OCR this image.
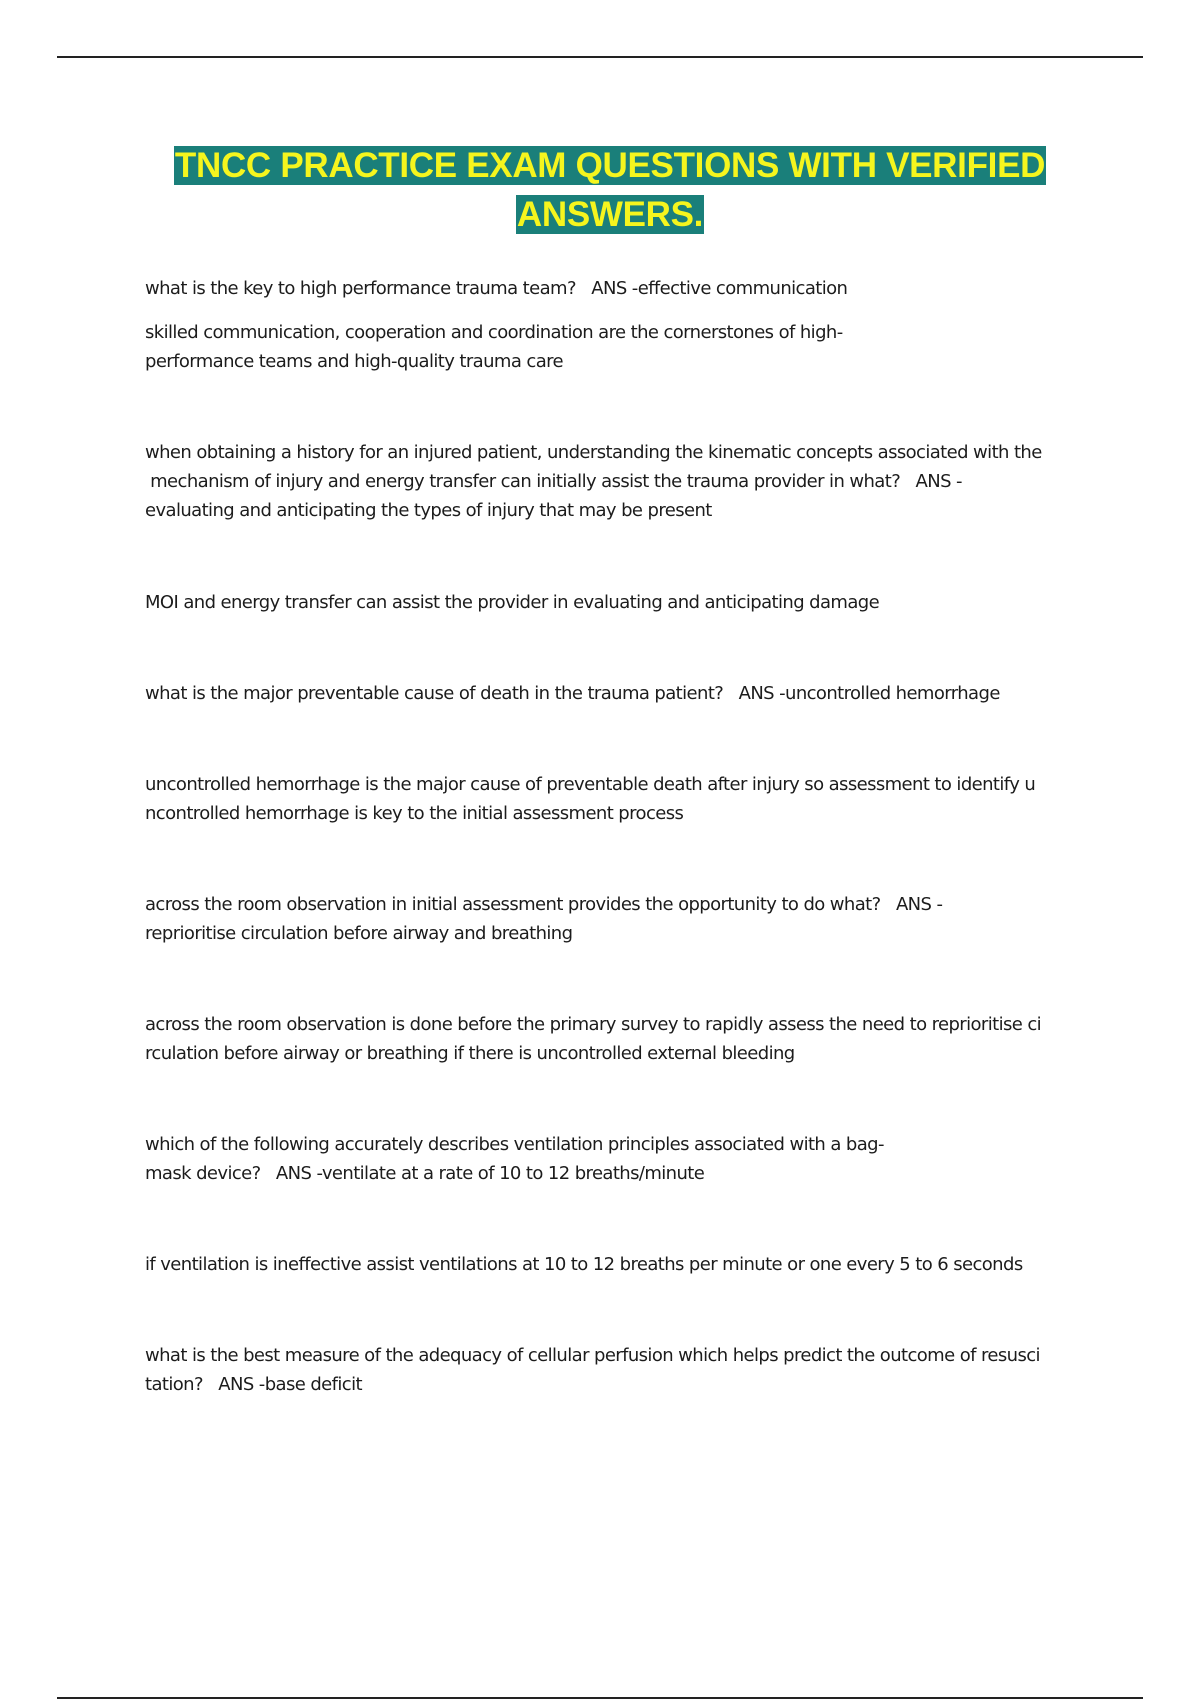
TNCC PRACTICE EXAM QUESTIONS WITH VERIFIED
ANSWERS.

what is the key to high performance trauma team?   ANS -effective communication

skilled communication, cooperation and coordination are the cornerstones of high-
performance teams and high-quality trauma care

when obtaining a history for an injured patient, understanding the kinematic concepts associated with the
mechanism of injury and energy transfer can initially assist the trauma provider in what?   ANS -
evaluating and anticipating the types of injury that may be present

MOI and energy transfer can assist the provider in evaluating and anticipating damage

what is the major preventable cause of death in the trauma patient?   ANS -uncontrolled hemorrhage

uncontrolled hemorrhage is the major cause of preventable death after injury so assessment to identify u
ncontrolled hemorrhage is key to the initial assessment process

across the room observation in initial assessment provides the opportunity to do what?   ANS -
reprioritise circulation before airway and breathing

across the room observation is done before the primary survey to rapidly assess the need to reprioritise ci
rculation before airway or breathing if there is uncontrolled external bleeding

which of the following accurately describes ventilation principles associated with a bag-
mask device?   ANS -ventilate at a rate of 10 to 12 breaths/minute

if ventilation is ineffective assist ventilations at 10 to 12 breaths per minute or one every 5 to 6 seconds

what is the best measure of the adequacy of cellular perfusion which helps predict the outcome of resusci
tation?   ANS -base deficit
